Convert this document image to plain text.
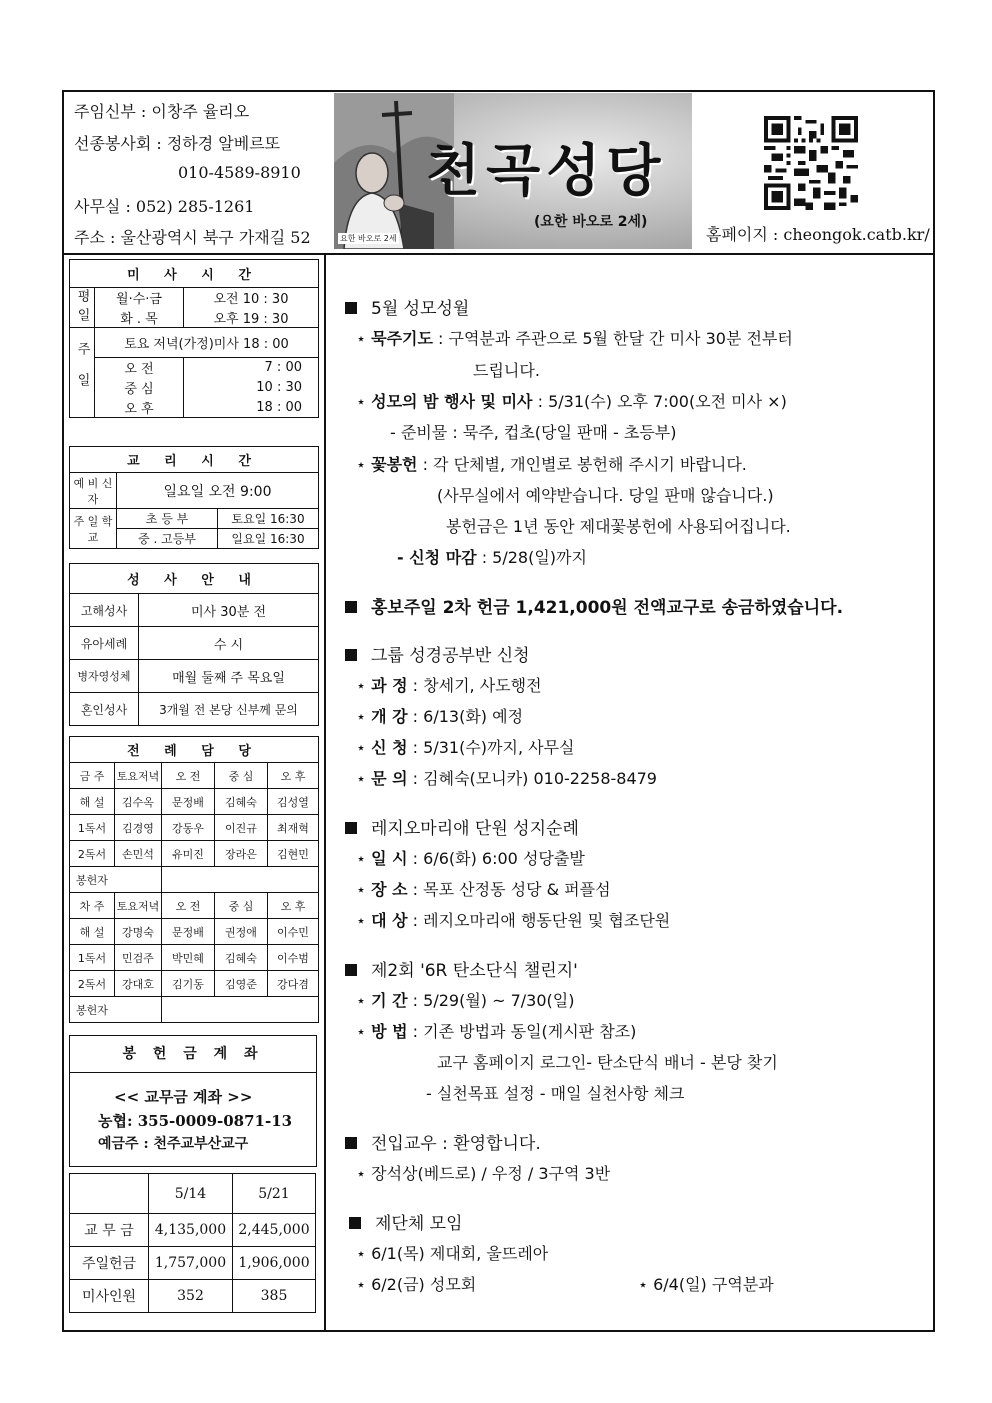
주임신부 : 이창주 율리오
선종봉사회 : 정하경 알베르또
010-4589-8910
사무실 : 052) 285-1261
주소 : 울산광역시 북구 가재길 52	요한 바오로 2세
천곡성당
(요한 바오로 2세)
홈페이지 : cheongok.catb.kr/
미 사 시 간		
평일	월·수·금	오전 10 : 30
	화 . 목	오후 19 : 30
주일	토요 저녁(가정)미사 18 : 00	
	오 전	7 : 00
	중 심	10 : 30
	오 후	18 : 00
교 리 시 간		
예 비 신 자	일요일 오전 9:00	
주 일 학 교	초 등 부	토요일 16:30
	중 . 고등부	일요일 16:30
성 사 안 내	
고해성사	미사 30분 전
유아세례	수 시
병자영성체	매월 둘째 주 목요일
혼인성사	3개월 전 본당 신부께 문의
전 례 담 당				
금 주	토요저녁	오 전	중 심	오 후
해 설	김수옥	문정배	김혜숙	김성열
1독서	김경영	강동우	이진규	최재혁
2독서	손민석	유미진	장라은	김현민
봉헌자				
차 주	토요저녁	오 전	중 심	오 후
해 설	강명숙	문정배	권정애	이수민
1독서	민검주	박민혜	김혜숙	이수범
2독서	강대호	김기동	김영준	강다겸
봉헌자				
봉 헌 금 계 좌
<< 교무금 계좌 >>
농협: 355-0009-0871-13
예금주 : 천주교부산교구
	5/14	5/21
교 무 금	4,135,000	2,445,000
주일헌금	1,757,000	1,906,000
미사인원	352	385
5월 성모성월
⋆ 묵주기도 : 구역분과 주관으로 5월 한달 간 미사 30분 전부터
드립니다.
⋆ 성모의 밤 행사 및 미사 : 5/31(수) 오후 7:00(오전 미사 ×)
- 준비물 : 묵주, 컵초(당일 판매 - 초등부)
⋆ 꽃봉헌 : 각 단체별, 개인별로 봉헌해 주시기 바랍니다.
(사무실에서 예약받습니다. 당일 판매 않습니다.)
봉헌금은 1년 동안 제대꽃봉헌에 사용되어집니다.
- 신청 마감 : 5/28(일)까지
홍보주일 2차 헌금 1,421,000원 전액교구로 송금하였습니다.
그룹 성경공부반 신청
⋆ 과 정 : 창세기, 사도행전
⋆ 개 강 : 6/13(화) 예정
⋆ 신 청 : 5/31(수)까지, 사무실
⋆ 문 의 : 김혜숙(모니카) 010-2258-8479
레지오마리애 단원 성지순례
⋆ 일 시 : 6/6(화) 6:00 성당출발
⋆ 장 소 : 목포 산정동 성당 & 퍼플섬
⋆ 대 상 : 레지오마리애 행동단원 및 협조단원
제2회 '6R 탄소단식 챌린지'
⋆ 기 간 : 5/29(월) ~ 7/30(일)
⋆ 방 법 : 기존 방법과 동일(게시판 참조)
교구 홈페이지 로그인- 탄소단식 배너 - 본당 찾기
- 실천목표 설정 - 매일 실천사항 체크
전입교우 : 환영합니다.
⋆ 장석상(베드로) / 우정 / 3구역 3반
제단체 모임
⋆ 6/1(목) 제대회, 울뜨레아
⋆ 6/2(금) 성모회	⋆ 6/4(일) 구역분과
